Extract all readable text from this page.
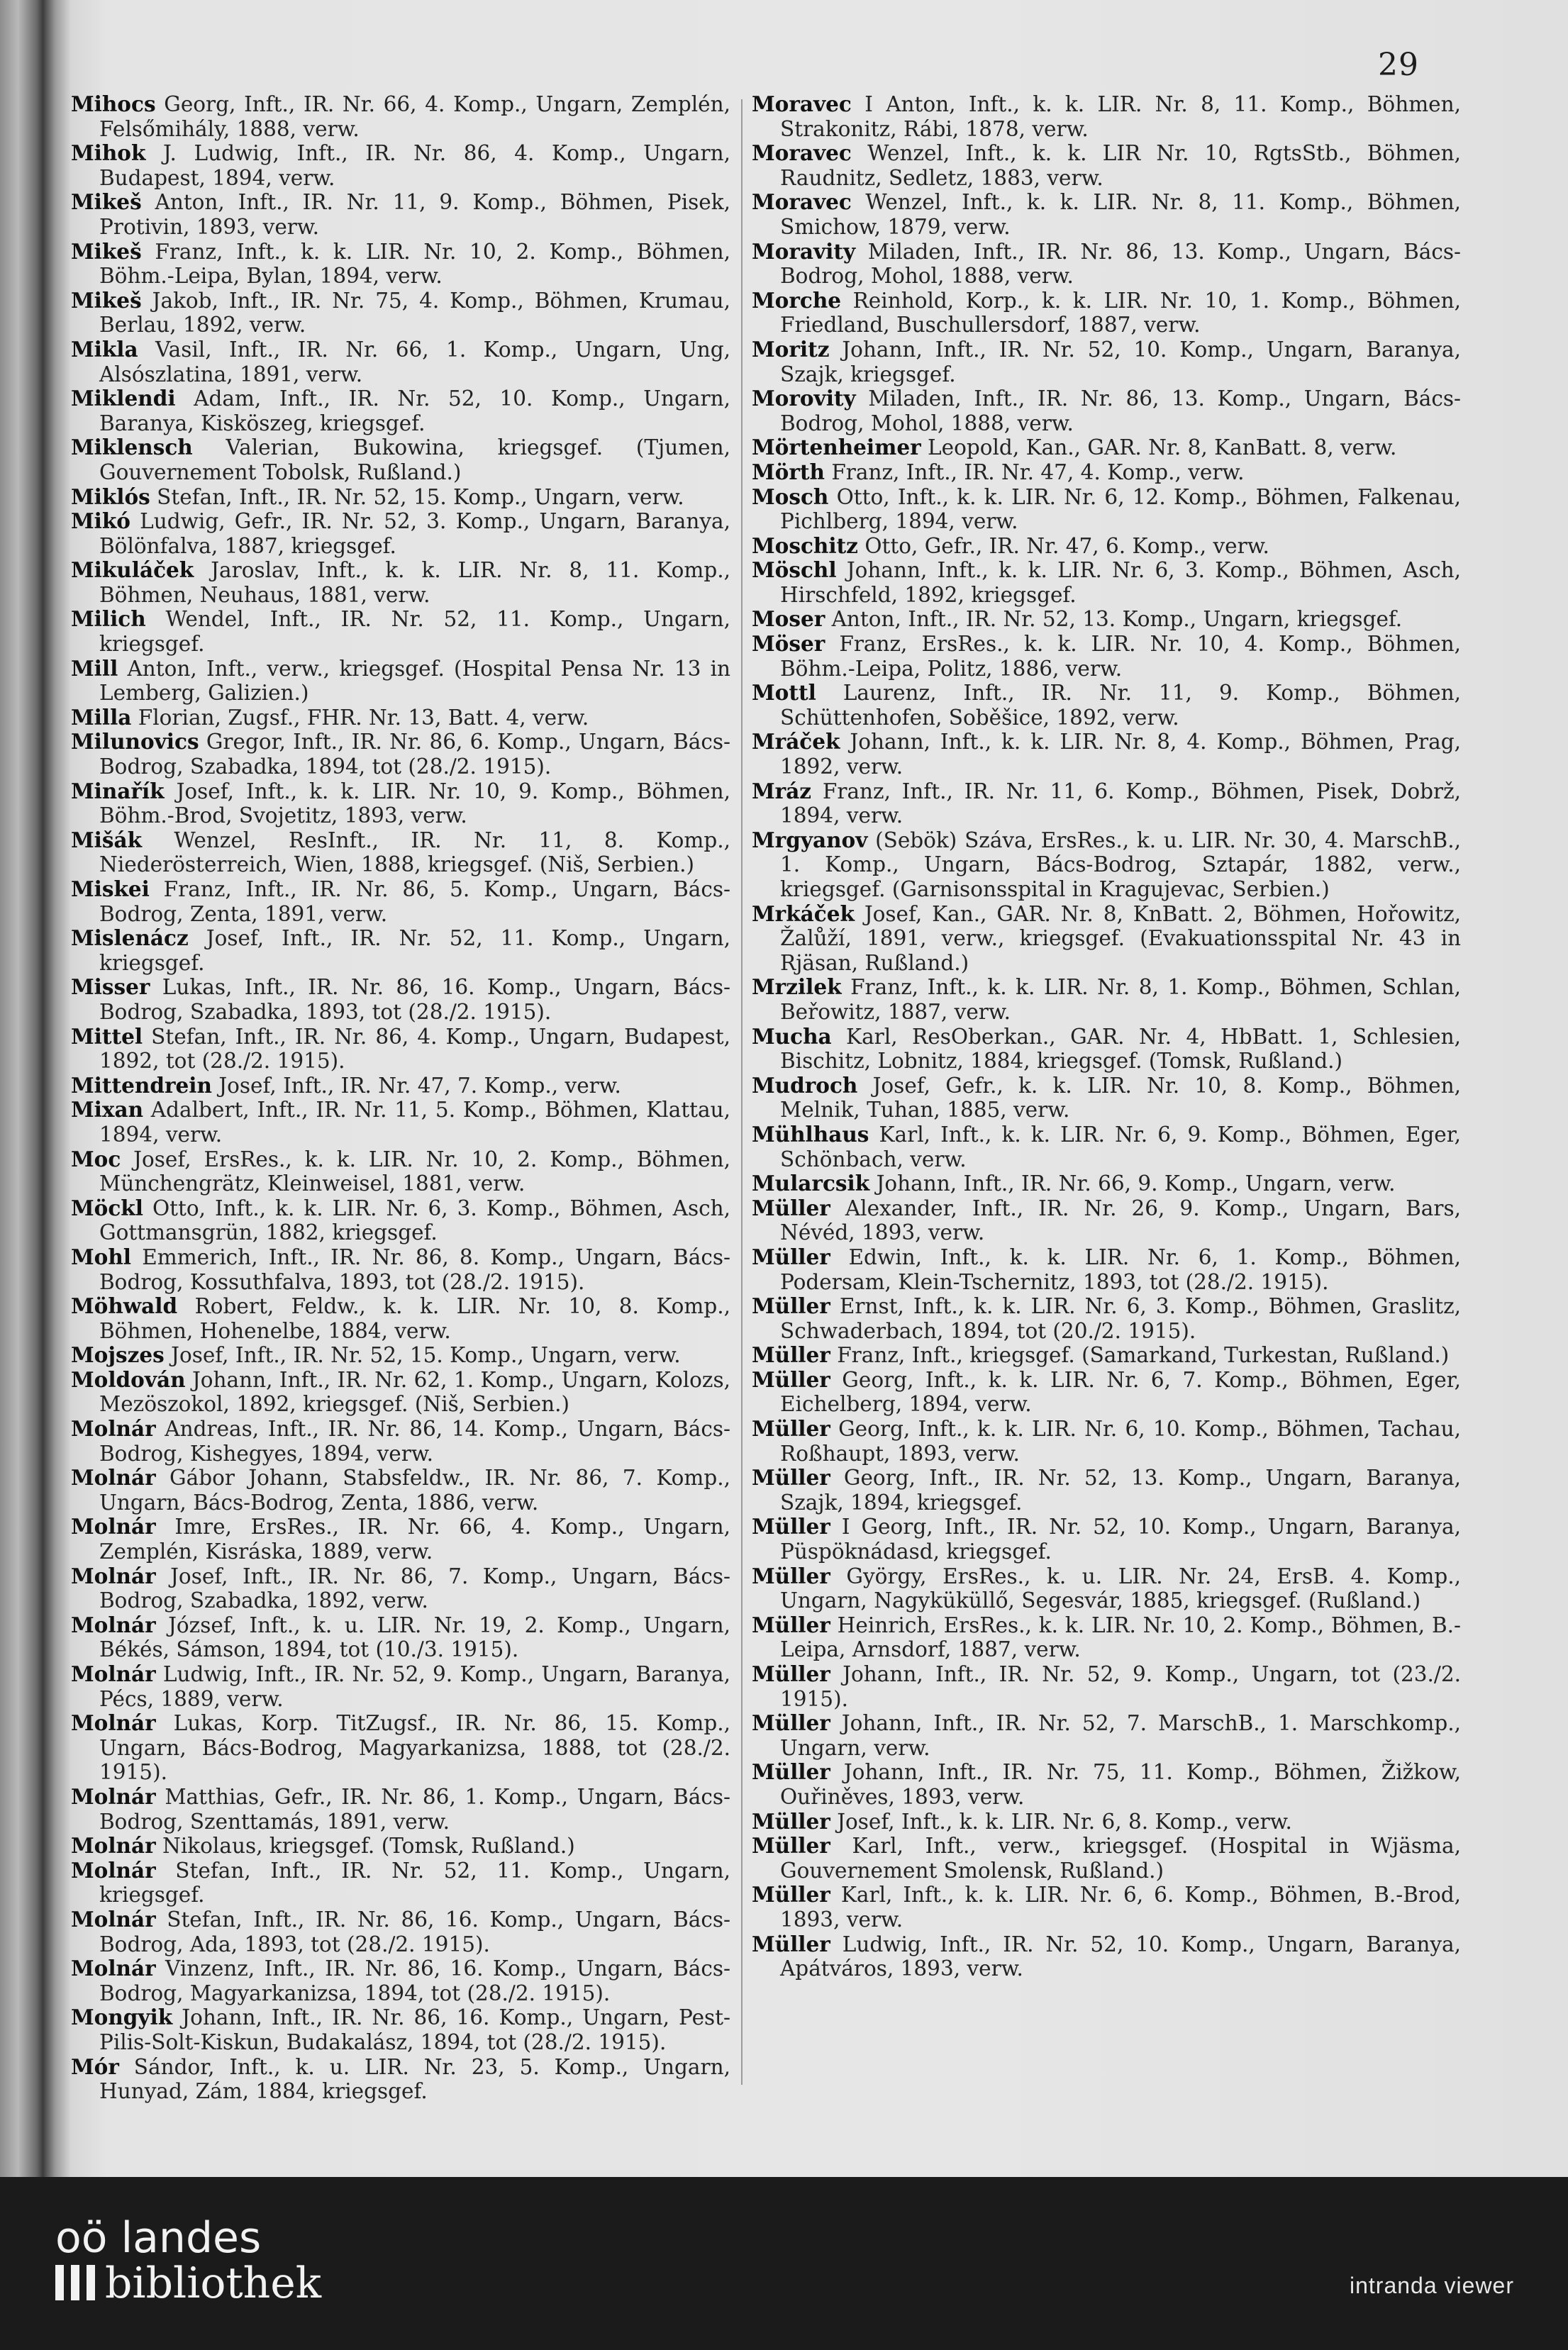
29
Mihocs Georg, Inft., IR. Nr. 66, 4. Komp., Ungarn, Zemplén, Felsőmihály, 1888, verw.
Mihok J. Ludwig, Inft., IR. Nr. 86, 4. Komp., Ungarn, Budapest, 1894, verw.
Mikeš Anton, Inft., IR. Nr. 11, 9. Komp., Böhmen, Pisek, Protivin, 1893, verw.
Mikeš Franz, Inft., k. k. LIR. Nr. 10, 2. Komp., Böhmen, Böhm.-Leipa, Bylan, 1894, verw.
Mikeš Jakob, Inft., IR. Nr. 75, 4. Komp., Böhmen, Krumau, Berlau, 1892, verw.
Mikla Vasil, Inft., IR. Nr. 66, 1. Komp., Ungarn, Ung, Alsószlatina, 1891, verw.
Miklendi Adam, Inft., IR. Nr. 52, 10. Komp., Ungarn, Baranya, Kisköszeg, kriegsgef.
Miklensch Valerian, Bukowina, kriegsgef. (Tjumen, Gouvernement Tobolsk, Rußland.)
Miklós Stefan, Inft., IR. Nr. 52, 15. Komp., Ungarn, verw.
Mikó Ludwig, Gefr., IR. Nr. 52, 3. Komp., Ungarn, Baranya, Bölönfalva, 1887, kriegsgef.
Mikuláček Jaroslav, Inft., k. k. LIR. Nr. 8, 11. Komp., Böhmen, Neuhaus, 1881, verw.
Milich Wendel, Inft., IR. Nr. 52, 11. Komp., Ungarn, kriegsgef.
Mill Anton, Inft., verw., kriegsgef. (Hospital Pensa Nr. 13 in Lemberg, Galizien.)
Milla Florian, Zugsf., FHR. Nr. 13, Batt. 4, verw.
Milunovics Gregor, Inft., IR. Nr. 86, 6. Komp., Ungarn, Bács-Bodrog, Szabadka, 1894, tot (28./2. 1915).
Minařík Josef, Inft., k. k. LIR. Nr. 10, 9. Komp., Böhmen, Böhm.-Brod, Svojetitz, 1893, verw.
Mišák Wenzel, ResInft., IR. Nr. 11, 8. Komp., Niederösterreich, Wien, 1888, kriegsgef. (Niš, Serbien.)
Miskei Franz, Inft., IR. Nr. 86, 5. Komp., Ungarn, Bács-Bodrog, Zenta, 1891, verw.
Mislenácz Josef, Inft., IR. Nr. 52, 11. Komp., Ungarn, kriegsgef.
Misser Lukas, Inft., IR. Nr. 86, 16. Komp., Ungarn, Bács-Bodrog, Szabadka, 1893, tot (28./2. 1915).
Mittel Stefan, Inft., IR. Nr. 86, 4. Komp., Ungarn, Budapest, 1892, tot (28./2. 1915).
Mittendrein Josef, Inft., IR. Nr. 47, 7. Komp., verw.
Mixan Adalbert, Inft., IR. Nr. 11, 5. Komp., Böhmen, Klattau, 1894, verw.
Moc Josef, ErsRes., k. k. LIR. Nr. 10, 2. Komp., Böhmen, Münchengrätz, Kleinweisel, 1881, verw.
Möckl Otto, Inft., k. k. LIR. Nr. 6, 3. Komp., Böhmen, Asch, Gottmansgrün, 1882, kriegsgef.
Mohl Emmerich, Inft., IR. Nr. 86, 8. Komp., Ungarn, Bács-Bodrog, Kossuthfalva, 1893, tot (28./2. 1915).
Möhwald Robert, Feldw., k. k. LIR. Nr. 10, 8. Komp., Böhmen, Hohenelbe, 1884, verw.
Mojszes Josef, Inft., IR. Nr. 52, 15. Komp., Ungarn, verw.
Moldován Johann, Inft., IR. Nr. 62, 1. Komp., Ungarn, Kolozs, Mezöszokol, 1892, kriegsgef. (Niš, Serbien.)
Molnár Andreas, Inft., IR. Nr. 86, 14. Komp., Ungarn, Bács-Bodrog, Kishegyes, 1894, verw.
Molnár Gábor Johann, Stabsfeldw., IR. Nr. 86, 7. Komp., Ungarn, Bács-Bodrog, Zenta, 1886, verw.
Molnár Imre, ErsRes., IR. Nr. 66, 4. Komp., Ungarn, Zemplén, Kisráska, 1889, verw.
Molnár Josef, Inft., IR. Nr. 86, 7. Komp., Ungarn, Bács-Bodrog, Szabadka, 1892, verw.
Molnár József, Inft., k. u. LIR. Nr. 19, 2. Komp., Ungarn, Békés, Sámson, 1894, tot (10./3. 1915).
Molnár Ludwig, Inft., IR. Nr. 52, 9. Komp., Ungarn, Baranya, Pécs, 1889, verw.
Molnár Lukas, Korp. TitZugsf., IR. Nr. 86, 15. Komp., Ungarn, Bács-Bodrog, Magyarkanizsa, 1888, tot (28./2. 1915).
Molnár Matthias, Gefr., IR. Nr. 86, 1. Komp., Ungarn, Bács-Bodrog, Szenttamás, 1891, verw.
Molnár Nikolaus, kriegsgef. (Tomsk, Rußland.)
Molnár Stefan, Inft., IR. Nr. 52, 11. Komp., Ungarn, kriegsgef.
Molnár Stefan, Inft., IR. Nr. 86, 16. Komp., Ungarn, Bács-Bodrog, Ada, 1893, tot (28./2. 1915).
Molnár Vinzenz, Inft., IR. Nr. 86, 16. Komp., Ungarn, Bács-Bodrog, Magyarkanizsa, 1894, tot (28./2. 1915).
Mongyik Johann, Inft., IR. Nr. 86, 16. Komp., Ungarn, Pest-Pilis-Solt-Kiskun, Budakalász, 1894, tot (28./2. 1915).
Mór Sándor, Inft., k. u. LIR. Nr. 23, 5. Komp., Ungarn, Hunyad, Zám, 1884, kriegsgef.
Moravec I Anton, Inft., k. k. LIR. Nr. 8, 11. Komp., Böhmen, Strakonitz, Rábi, 1878, verw.
Moravec Wenzel, Inft., k. k. LIR Nr. 10, RgtsStb., Böhmen, Raudnitz, Sedletz, 1883, verw.
Moravec Wenzel, Inft., k. k. LIR. Nr. 8, 11. Komp., Böhmen, Smichow, 1879, verw.
Moravity Miladen, Inft., IR. Nr. 86, 13. Komp., Ungarn, Bács-Bodrog, Mohol, 1888, verw.
Morche Reinhold, Korp., k. k. LIR. Nr. 10, 1. Komp., Böhmen, Friedland, Buschullersdorf, 1887, verw.
Moritz Johann, Inft., IR. Nr. 52, 10. Komp., Ungarn, Baranya, Szajk, kriegsgef.
Morovity Miladen, Inft., IR. Nr. 86, 13. Komp., Ungarn, Bács-Bodrog, Mohol, 1888, verw.
Mörtenheimer Leopold, Kan., GAR. Nr. 8, KanBatt. 8, verw.
Mörth Franz, Inft., IR. Nr. 47, 4. Komp., verw.
Mosch Otto, Inft., k. k. LIR. Nr. 6, 12. Komp., Böhmen, Falkenau, Pichlberg, 1894, verw.
Moschitz Otto, Gefr., IR. Nr. 47, 6. Komp., verw.
Möschl Johann, Inft., k. k. LIR. Nr. 6, 3. Komp., Böhmen, Asch, Hirschfeld, 1892, kriegsgef.
Moser Anton, Inft., IR. Nr. 52, 13. Komp., Ungarn, kriegsgef.
Möser Franz, ErsRes., k. k. LIR. Nr. 10, 4. Komp., Böhmen, Böhm.-Leipa, Politz, 1886, verw.
Mottl Laurenz, Inft., IR. Nr. 11, 9. Komp., Böhmen, Schüttenhofen, Soběšice, 1892, verw.
Mráček Johann, Inft., k. k. LIR. Nr. 8, 4. Komp., Böhmen, Prag, 1892, verw.
Mráz Franz, Inft., IR. Nr. 11, 6. Komp., Böhmen, Pisek, Dobrž, 1894, verw.
Mrgyanov (Sebök) Száva, ErsRes., k. u. LIR. Nr. 30, 4. MarschB., 1. Komp., Ungarn, Bács-Bodrog, Sztapár, 1882, verw., kriegsgef. (Garnisonsspital in Kragujevac, Serbien.)
Mrkáček Josef, Kan., GAR. Nr. 8, KnBatt. 2, Böhmen, Hořowitz, Žalůží, 1891, verw., kriegsgef. (Evakuationsspital Nr. 43 in Rjäsan, Rußland.)
Mrzilek Franz, Inft., k. k. LIR. Nr. 8, 1. Komp., Böhmen, Schlan, Beřowitz, 1887, verw.
Mucha Karl, ResOberkan., GAR. Nr. 4, HbBatt. 1, Schlesien, Bischitz, Lobnitz, 1884, kriegsgef. (Tomsk, Rußland.)
Mudroch Josef, Gefr., k. k. LIR. Nr. 10, 8. Komp., Böhmen, Melnik, Tuhan, 1885, verw.
Mühlhaus Karl, Inft., k. k. LIR. Nr. 6, 9. Komp., Böhmen, Eger, Schönbach, verw.
Mularcsik Johann, Inft., IR. Nr. 66, 9. Komp., Ungarn, verw.
Müller Alexander, Inft., IR. Nr. 26, 9. Komp., Ungarn, Bars, Névéd, 1893, verw.
Müller Edwin, Inft., k. k. LIR. Nr. 6, 1. Komp., Böhmen, Podersam, Klein-Tschernitz, 1893, tot (28./2. 1915).
Müller Ernst, Inft., k. k. LIR. Nr. 6, 3. Komp., Böhmen, Graslitz, Schwaderbach, 1894, tot (20./2. 1915).
Müller Franz, Inft., kriegsgef. (Samarkand, Turkestan, Rußland.)
Müller Georg, Inft., k. k. LIR. Nr. 6, 7. Komp., Böhmen, Eger, Eichelberg, 1894, verw.
Müller Georg, Inft., k. k. LIR. Nr. 6, 10. Komp., Böhmen, Tachau, Roßhaupt, 1893, verw.
Müller Georg, Inft., IR. Nr. 52, 13. Komp., Ungarn, Baranya, Szajk, 1894, kriegsgef.
Müller I Georg, Inft., IR. Nr. 52, 10. Komp., Ungarn, Baranya, Püspöknádasd, kriegsgef.
Müller György, ErsRes., k. u. LIR. Nr. 24, ErsB. 4. Komp., Ungarn, Nagyküküllő, Segesvár, 1885, kriegsgef. (Rußland.)
Müller Heinrich, ErsRes., k. k. LIR. Nr. 10, 2. Komp., Böhmen, B.-Leipa, Arnsdorf, 1887, verw.
Müller Johann, Inft., IR. Nr. 52, 9. Komp., Ungarn, tot (23./2. 1915).
Müller Johann, Inft., IR. Nr. 52, 7. MarschB., 1. Marschkomp., Ungarn, verw.
Müller Johann, Inft., IR. Nr. 75, 11. Komp., Böhmen, Žižkow, Ouřiněves, 1893, verw.
Müller Josef, Inft., k. k. LIR. Nr. 6, 8. Komp., verw.
Müller Karl, Inft., verw., kriegsgef. (Hospital in Wjäsma, Gouvernement Smolensk, Rußland.)
Müller Karl, Inft., k. k. LIR. Nr. 6, 6. Komp., Böhmen, B.-Brod, 1893, verw.
Müller Ludwig, Inft., IR. Nr. 52, 10. Komp., Ungarn, Baranya, Apátváros, 1893, verw.
oö landes
bibliothek	intranda viewer
